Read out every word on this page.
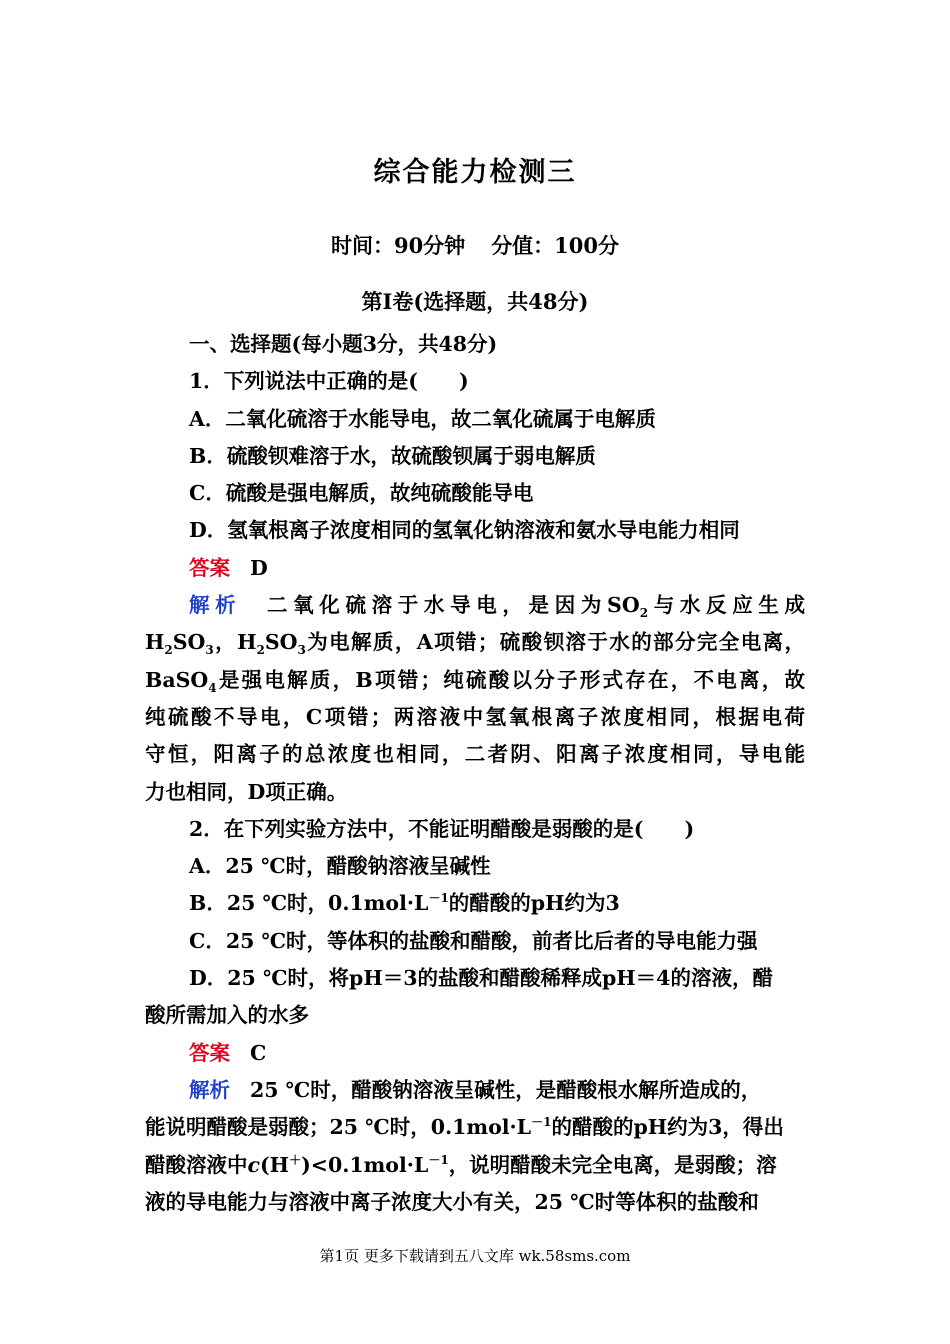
综合能力检测三
时间：90分钟 分值：100分
第Ⅰ卷(选择题，共48分)
一、选择题(每小题3分，共48分)
1．下列说法中正确的是(　　)
A．二氧化硫溶于水能导电，故二氧化硫属于电解质
B．硫酸钡难溶于水，故硫酸钡属于弱电解质
C．硫酸是强电解质，故纯硫酸能导电
D．氢氧根离子浓度相同的氢氧化钠溶液和氨水导电能力相同
答案 D
解析 二氧化硫溶于水导电，是因为$SO_2$与水反应生成
$H_2SO_3$，$H_2SO_3$为电解质，A项错；硫酸钡溶于水的部分完全电离，
BaSO$_4$是强电解质，B项错；纯硫酸以分子形式存在，不电离，故
纯硫酸不导电，C项错；两溶液中氢氧根离子浓度相同，根据电荷
守恒，阳离子的总浓度也相同，二者阴、阳离子浓度相同，导电能
力也相同，D项正确。
2．在下列实验方法中，不能证明醋酸是弱酸的是(　　)
A．25 ℃时，醋酸钠溶液呈碱性
B．25 ℃时，$0.1mol\cdot L^{-1}$的醋酸的pH约为3
C．25 ℃时，等体积的盐酸和醋酸，前者比后者的导电能力强
D．25 ℃时，将pH＝3的盐酸和醋酸稀释成pH＝4的溶液，醋
酸所需加入的水多
答案 C
解析 25 ℃时，醋酸钠溶液呈碱性，是醋酸根水解所造成的，
能说明醋酸是弱酸；25 ℃时，$0.1mol\cdot L^{-1}$的醋酸的pH约为3，得出
醋酸溶液中$c(H^+)<0.1mol\cdot L^{-1}$，说明醋酸未完全电离，是弱酸；溶
液的导电能力与溶液中离子浓度大小有关，25 ℃时等体积的盐酸和
第1页 更多下载请到五八文库 wk.58sms.com
